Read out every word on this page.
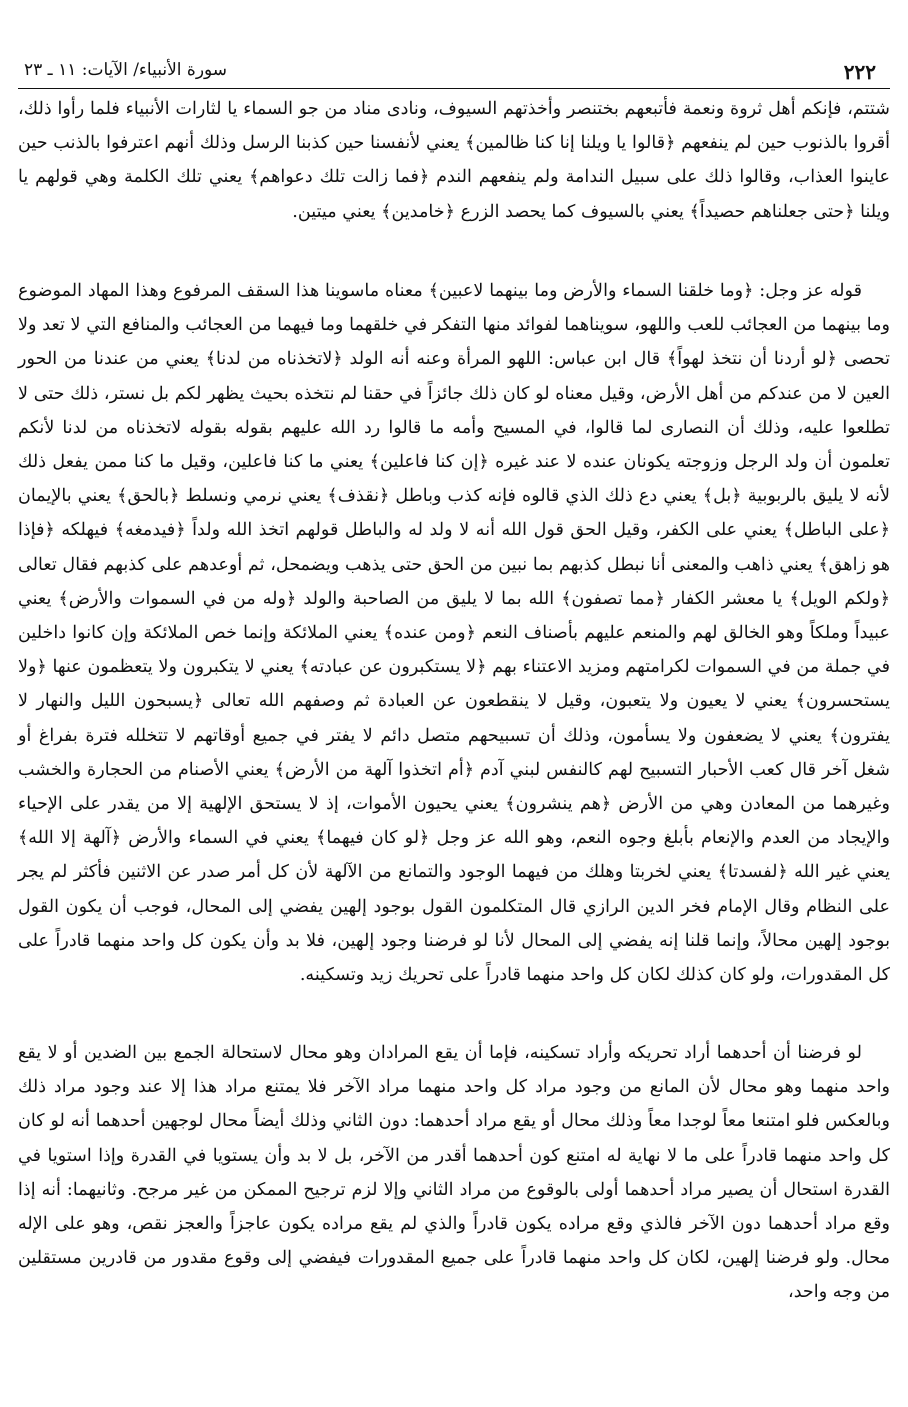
٢٢٢
سورة الأنبياء/ الآيات: ١١ ـ ٢٣

شتتم، فإنكم أهل ثروة ونعمة فأتبعهم بختنصر وأخذتهم السيوف، ونادى مناد من جو السماء يا لثارات الأنبياء فلما رأوا ذلك، أقروا بالذنوب حين لم ينفعهم ﴿قالوا يا ويلنا إنا كنا ظالمين﴾ يعني لأنفسنا حين كذبنا الرسل وذلك أنهم اعترفوا بالذنب حين عاينوا العذاب، وقالوا ذلك على سبيل الندامة ولم ينفعهم الندم ﴿فما زالت تلك دعواهم﴾ يعني تلك الكلمة وهي قولهم يا ويلنا ﴿حتى جعلناهم حصيداً﴾ يعني بالسيوف كما يحصد الزرع ﴿خامدين﴾ يعني ميتين.

قوله عز وجل: ﴿وما خلقنا السماء والأرض وما بينهما لاعبين﴾ معناه ماسوينا هذا السقف المرفوع وهذا المهاد الموضوع وما بينهما من العجائب للعب واللهو، سويناهما لفوائد منها التفكر في خلقهما وما فيهما من العجائب والمنافع التي لا تعد ولا تحصى ﴿لو أردنا أن نتخذ لهواً﴾ قال ابن عباس: اللهو المرأة وعنه أنه الولد ﴿لاتخذناه من لدنا﴾ يعني من عندنا من الحور العين لا من عندكم من أهل الأرض، وقيل معناه لو كان ذلك جائزاً في حقنا لم نتخذه بحيث يظهر لكم بل نستر، ذلك حتى لا تطلعوا عليه، وذلك أن النصارى لما قالوا، في المسيح وأمه ما قالوا رد الله عليهم بقوله بقوله لاتخذناه من لدنا لأنكم تعلمون أن ولد الرجل وزوجته يكونان عنده لا عند غيره ﴿إن كنا فاعلين﴾ يعني ما كنا فاعلين، وقيل ما كنا ممن يفعل ذلك لأنه لا يليق بالربوبية ﴿بل﴾ يعني دع ذلك الذي قالوه فإنه كذب وباطل ﴿نقذف﴾ يعني نرمي ونسلط ﴿بالحق﴾ يعني بالإيمان ﴿على الباطل﴾ يعني على الكفر، وقيل الحق قول الله أنه لا ولد له والباطل قولهم اتخذ الله ولداً ﴿فيدمغه﴾ فيهلكه ﴿فإذا هو زاهق﴾ يعني ذاهب والمعنى أنا نبطل كذبهم بما نبين من الحق حتى يذهب ويضمحل، ثم أوعدهم على كذبهم فقال تعالى ﴿ولكم الويل﴾ يا معشر الكفار ﴿مما تصفون﴾ الله بما لا يليق من الصاحبة والولد ﴿وله من في السموات والأرض﴾ يعني عبيداً وملكاً وهو الخالق لهم والمنعم عليهم بأصناف النعم ﴿ومن عنده﴾ يعني الملائكة وإنما خص الملائكة وإن كانوا داخلين في جملة من في السموات لكرامتهم ومزيد الاعتناء بهم ﴿لا يستكبرون عن عبادته﴾ يعني لا يتكبرون ولا يتعظمون عنها ﴿ولا يستحسرون﴾ يعني لا يعيون ولا يتعبون، وقيل لا ينقطعون عن العبادة ثم وصفهم الله تعالى ﴿يسبحون الليل والنهار لا يفترون﴾ يعني لا يضعفون ولا يسأمون، وذلك أن تسبيحهم متصل دائم لا يفتر في جميع أوقاتهم لا تتخلله فترة بفراغ أو شغل آخر قال كعب الأحبار التسبيح لهم كالنفس لبني آدم ﴿أم اتخذوا آلهة من الأرض﴾ يعني الأصنام من الحجارة والخشب وغيرهما من المعادن وهي من الأرض ﴿هم ينشرون﴾ يعني يحيون الأموات، إذ لا يستحق الإلهية إلا من يقدر على الإحياء والإيجاد من العدم والإنعام بأبلغ وجوه النعم، وهو الله عز وجل ﴿لو كان فيهما﴾ يعني في السماء والأرض ﴿آلهة إلا الله﴾ يعني غير الله ﴿لفسدتا﴾ يعني لخربتا وهلك من فيهما الوجود والتمانع من الآلهة لأن كل أمر صدر عن الاثنين فأكثر لم يجر على النظام وقال الإمام فخر الدين الرازي قال المتكلمون القول بوجود إلهين يفضي إلى المحال، فوجب أن يكون القول بوجود إلهين محالاً، وإنما قلنا إنه يفضي إلى المحال لأنا لو فرضنا وجود إلهين، فلا بد وأن يكون كل واحد منهما قادراً على كل المقدورات، ولو كان كذلك لكان كل واحد منهما قادراً على تحريك زيد وتسكينه.

لو فرضنا أن أحدهما أراد تحريكه وأراد تسكينه، فإما أن يقع المرادان وهو محال لاستحالة الجمع بين الضدين أو لا يقع واحد منهما وهو محال لأن المانع من وجود مراد كل واحد منهما مراد الآخر فلا يمتنع مراد هذا إلا عند وجود مراد ذلك وبالعكس فلو امتنعا معاً لوجدا معاً وذلك محال أو يقع مراد أحدهما: دون الثاني وذلك أيضاً محال لوجهين أحدهما أنه لو كان كل واحد منهما قادراً على ما لا نهاية له امتنع كون أحدهما أقدر من الآخر، بل لا بد وأن يستويا في القدرة وإذا استويا في القدرة استحال أن يصير مراد أحدهما أولى بالوقوع من مراد الثاني وإلا لزم ترجيح الممكن من غير مرجح. وثانيهما: أنه إذا وقع مراد أحدهما دون الآخر فالذي وقع مراده يكون قادراً والذي لم يقع مراده يكون عاجزاً والعجز نقص، وهو على الإله محال. ولو فرضنا إلهين، لكان كل واحد منهما قادراً على جميع المقدورات فيفضي إلى وقوع مقدور من قادرين مستقلين من وجه واحد،
